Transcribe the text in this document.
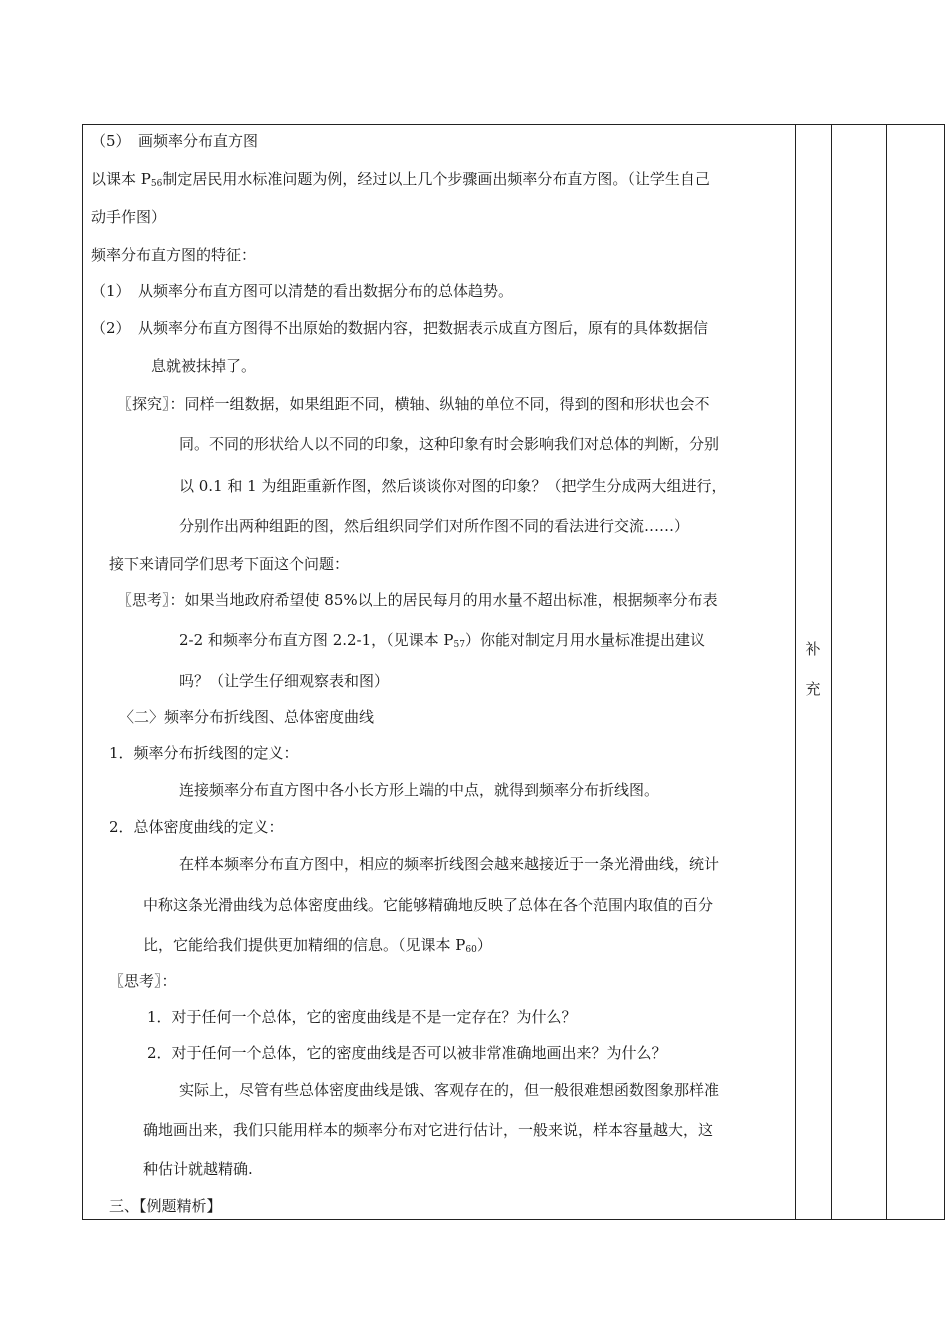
（5）　画频率分布直方图
以课本 $P_{56}$制定居民用水标准问题为例，经过以上几个步骤画出频率分布直方图。（让学生自己
动手作图）
频率分布直方图的特征：
（1）　从频率分布直方图可以清楚的看出数据分布的总体趋势。
（2）　从频率分布直方图得不出原始的数据内容，把数据表示成直方图后，原有的具体数据信
息就被抹掉了。
〖探究〗：同样一组数据，如果组距不同，横轴、纵轴的单位不同，得到的图和形状也会不
同。不同的形状给人以不同的印象，这种印象有时会影响我们对总体的判断，分别
以 0.1 和 1 为组距重新作图，然后谈谈你对图的印象？（把学生分成两大组进行，
分别作出两种组距的图，然后组织同学们对所作图不同的看法进行交流……）
接下来请同学们思考下面这个问题：
〖思考〗：如果当地政府希望使 85%以上的居民每月的用水量不超出标准，根据频率分布表
2-2 和频率分布直方图 2.2-1，（见课本 $P_{57}$）你能对制定月用水量标准提出建议
吗？（让学生仔细观察表和图）
〈二〉频率分布折线图、总体密度曲线
1．频率分布折线图的定义：
连接频率分布直方图中各小长方形上端的中点，就得到频率分布折线图。
2．总体密度曲线的定义：
在样本频率分布直方图中，相应的频率折线图会越来越接近于一条光滑曲线，统计
中称这条光滑曲线为总体密度曲线。它能够精确地反映了总体在各个范围内取值的百分
比，它能给我们提供更加精细的信息。（见课本 $P_{60}$）
〖思考〗：
1．对于任何一个总体，它的密度曲线是不是一定存在？为什么？
2．对于任何一个总体，它的密度曲线是否可以被非常准确地画出来？为什么？
实际上，尽管有些总体密度曲线是饿、客观存在的，但一般很难想函数图象那样准
确地画出来，我们只能用样本的频率分布对它进行估计，一般来说，样本容量越大，这
种估计就越精确.
三、【例题精析】
补
充
